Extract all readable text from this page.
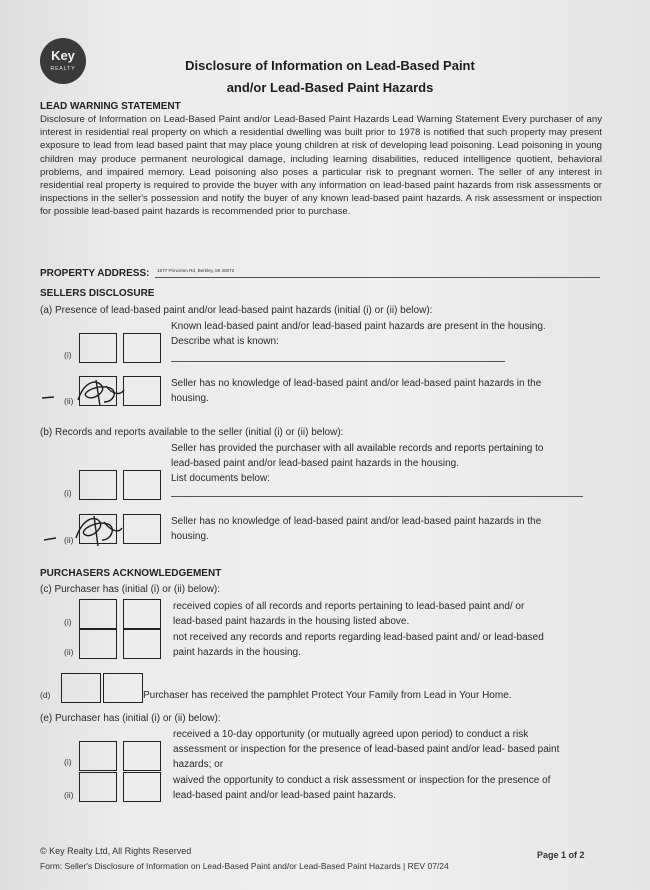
Key
REALTY	Disclosure of Information on Lead-Based Paint
and/or Lead-Based Paint Hazards
LEAD WARNING STATEMENT
Disclosure of Information on Lead-Based Paint and/or Lead-Based Paint Hazards Lead Warning Statement Every purchaser of any interest in residential real property on which a residential dwelling was built prior to 1978 is notified that such property may present exposure to lead from lead based paint that may place young children at risk of developing lead poisoning. Lead poisoning in young children may produce permanent neurological damage, including learning disabilities, reduced intelligence quotient, behavioral problems, and impaired memory. Lead poisoning also poses a particular risk to pregnant women. The seller of any interest in residential real property is required to provide the buyer with any information on lead-based paint hazards from risk assessments or inspections in the seller's possession and notify the buyer of any known lead-based paint hazards. A risk assessment or inspection for possible lead-based paint hazards is recommended prior to purchase.
PROPERTY ADDRESS: 1977 Princeton Rd, Berkley, MI 48072
SELLERS DISCLOSURE
(a) Presence of lead-based paint and/or lead-based paint hazards (initial (i) or (ii) below):
(i)
Known lead-based paint and/or lead-based paint hazards are present in the housing.
Describe what is known:
(ii)
Seller has no knowledge of lead-based paint and/or lead-based paint hazards in the
housing.
(b) Records and reports available to the seller (initial (i) or (ii) below):
Seller has provided the purchaser with all available records and reports pertaining to
lead-based paint and/or lead-based paint hazards in the housing.
List documents below:
(i)
(ii)
Seller has no knowledge of lead-based paint and/or lead-based paint hazards in the
housing.
PURCHASERS ACKNOWLEDGEMENT
(c) Purchaser has (initial (i) or (ii) below):
(i)
(ii)
received copies of all records and reports pertaining to lead-based paint and/ or
lead-based paint hazards in the housing listed above.
not received any records and reports regarding lead-based paint and/ or lead-based
paint hazards in the housing.
(d)	Purchaser has received the pamphlet Protect Your Family from Lead in Your Home.
(e) Purchaser has (initial (i) or (ii) below):
received a 10-day opportunity (or mutually agreed upon period) to conduct a risk
assessment or inspection for the presence of lead-based paint and/or lead- based paint
hazards; or
waived the opportunity to conduct a risk assessment or inspection for the presence of
lead-based paint and/or lead-based paint hazards.
(i)
(ii)
© Key Realty Ltd, All Rights Reserved
Form: Seller's Disclosure of Information on Lead-Based Paint and/or Lead-Based Paint Hazards | REV 07/24
Page 1 of 2
